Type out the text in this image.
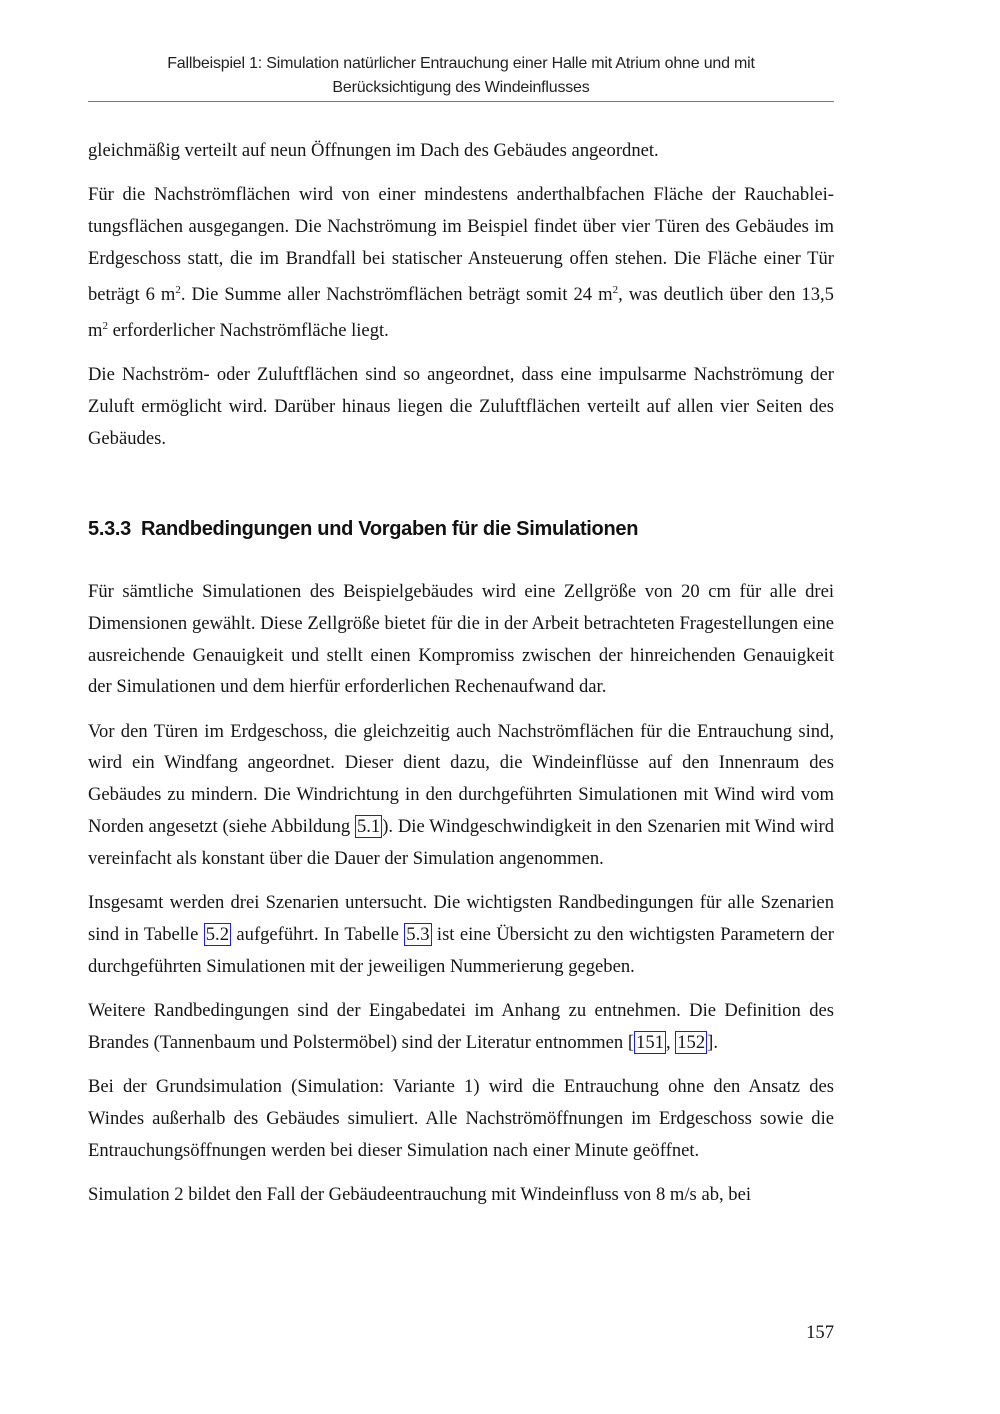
Fallbeispiel 1: Simulation natürlicher Entrauchung einer Halle mit Atrium ohne und mit
Berücksichtigung des Windeinflusses

gleichmäßig verteilt auf neun Öffnungen im Dach des Gebäudes angeordnet.

Für die Nachströmflächen wird von einer mindestens anderthalbfachen Fläche der Rauchableitungsflächen ausgegangen. Die Nachströmung im Beispiel findet über vier Türen des Gebäudes im Erdgeschoss statt, die im Brandfall bei statischer Ansteuerung offen stehen. Die Fläche einer Tür beträgt 6 $m^2$. Die Summe aller Nachströmflächen beträgt somit 24 $m^2$, was deutlich über den 13,5 $m^2$ erforderlicher Nachströmfläche liegt.

Die Nachström- oder Zuluftflächen sind so angeordnet, dass eine impulsarme Nachströmung der Zuluft ermöglicht wird. Darüber hinaus liegen die Zuluftflächen verteilt auf allen vier Seiten des Gebäudes.

5.3.3 Randbedingungen und Vorgaben für die Simulationen

Für sämtliche Simulationen des Beispielgebäudes wird eine Zellgröße von 20 cm für alle drei Dimensionen gewählt. Diese Zellgröße bietet für die in der Arbeit betrachteten Fragestellungen eine ausreichende Genauigkeit und stellt einen Kompromiss zwischen der hinreichenden Genauigkeit der Simulationen und dem hierfür erforderlichen Rechenaufwand dar.

Vor den Türen im Erdgeschoss, die gleichzeitig auch Nachströmflächen für die Entrauchung sind, wird ein Windfang angeordnet. Dieser dient dazu, die Windeinflüsse auf den Innenraum des Gebäudes zu mindern. Die Windrichtung in den durchgeführten Simulationen mit Wind wird vom Norden angesetzt (siehe Abbildung 5.1 ). Die Windgeschwindigkeit in den Szenarien mit Wind wird vereinfacht als konstant über die Dauer der Simulation angenommen.

Insgesamt werden drei Szenarien untersucht. Die wichtigsten Randbedingungen für alle Szenarien sind in Tabelle 5.2 aufgeführt. In Tabelle 5.3 ist eine Übersicht zu den wichtigsten Parametern der durchgeführten Simulationen mit der jeweiligen Nummerierung gegeben.

Weitere Randbedingungen sind der Eingabedatei im Anhang zu entnehmen. Die Definition des Brandes (Tannenbaum und Polstermöbel) sind der Literatur entnommen [ 151 , 152 ].

Bei der Grundsimulation (Simulation: Variante 1) wird die Entrauchung ohne den Ansatz des Windes außerhalb des Gebäudes simuliert. Alle Nachströmöffnungen im Erdgeschoss sowie die Entrauchungsöffnungen werden bei dieser Simulation nach einer Minute geöffnet.

Simulation 2 bildet den Fall der Gebäudeentrauchung mit Windeinfluss von 8 m/s ab, bei

157
